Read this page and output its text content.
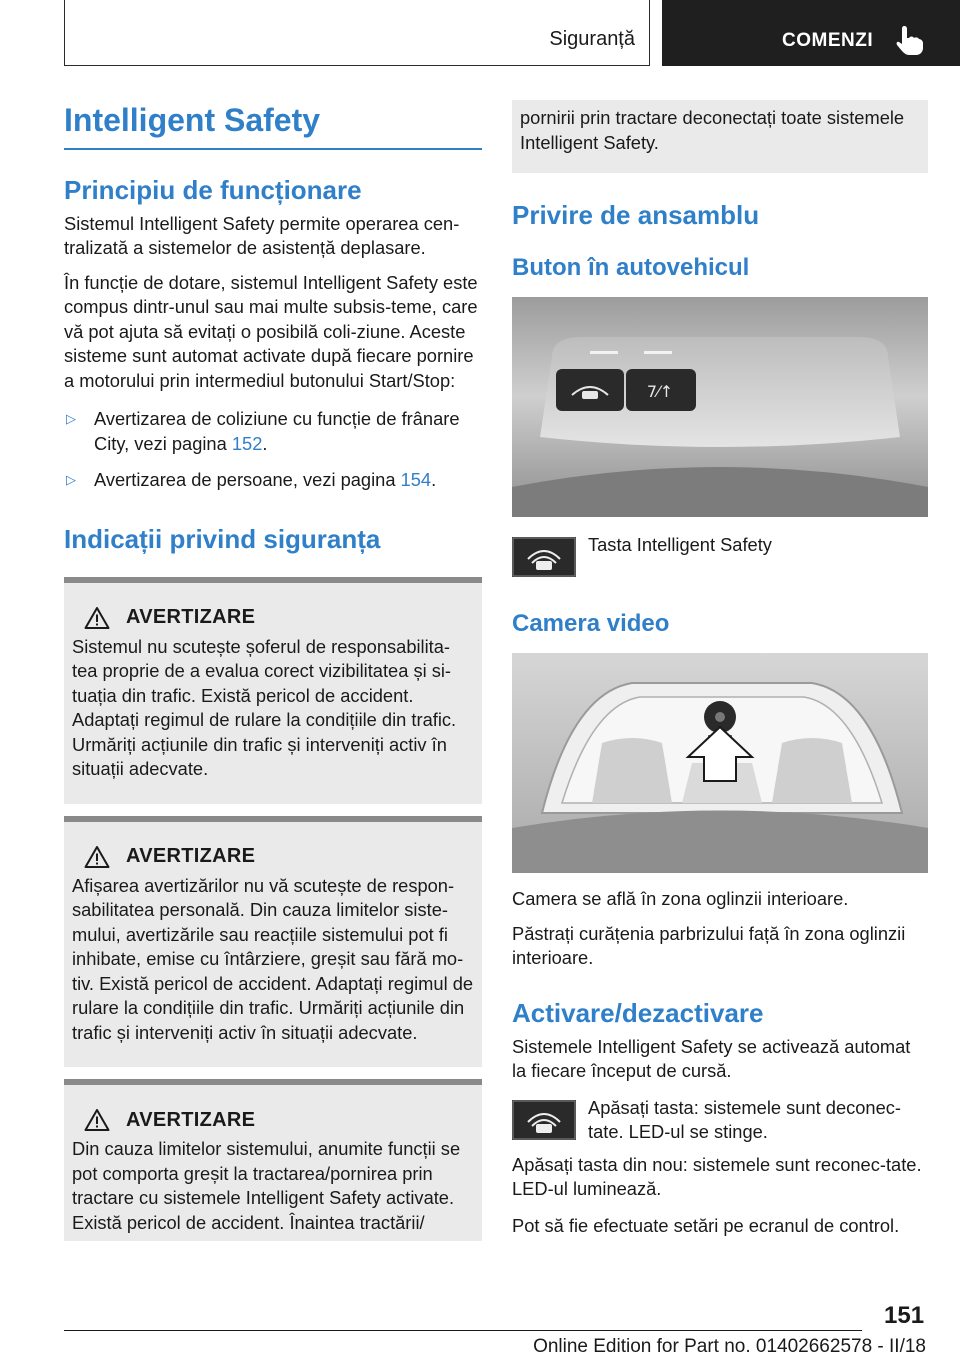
Siguranță	COMENZI
Intelligent Safety
Principiu de funcționare

Sistemul Intelligent Safety permite operarea cen-tralizată a sistemelor de asistență deplasare.

În funcție de dotare, sistemul Intelligent Safety este compus dintr-unul sau mai multe subsis-teme, care vă pot ajuta să evitați o posibilă coli-ziune. Aceste sisteme sunt automat activate după fiecare pornire a motorului prin intermediul butonului Start/Stop:

▷ Avertizarea de coliziune cu funcție de frânare City, vezi pagina 152.
▷ Avertizarea de persoane, vezi pagina 154.
Indicații privind siguranța
AVERTIZARE

Sistemul nu scutește șoferul de responsabilita-tea proprie de a evalua corect vizibilitatea și si-tuația din trafic. Există pericol de accident. Adaptați regimul de rulare la condițiile din trafic. Urmăriți acțiunile din trafic și interveniți activ în situații adecvate.

AVERTIZARE

Afișarea avertizărilor nu vă scutește de respon-sabilitatea personală. Din cauza limitelor siste-mului, avertizările sau reacțiile sistemului pot fi inhibate, emise cu întârziere, greșit sau fără mo-tiv. Există pericol de accident. Adaptați regimul de rulare la condițiile din trafic. Urmăriți acțiunile din trafic și interveniți activ în situații adecvate.

AVERTIZARE

Din cauza limitelor sistemului, anumite funcții se pot comporta greșit la tractarea/pornirea prin tractare cu sistemele Intelligent Safety activate. Există pericol de accident. Înaintea tractării/

pornirii prin tractare deconectați toate sistemele Intelligent Safety.

Privire de ansamblu
Buton în autovehicul
7⁄↑

Tasta Intelligent Safety

Camera video

Camera se află în zona oglinzii interioare.

Păstrați curățenia parbrizului față în zona oglinzii interioare.

Activare/dezactivare

Sistemele Intelligent Safety se activează automat la fiecare început de cursă.

Apăsați tasta: sistemele sunt deconec-tate. LED-ul se stinge.

Apăsați tasta din nou: sistemele sunt reconec-tate. LED-ul luminează.

Pot să fie efectuate setări pe ecranul de control.

151
Online Edition for Part no. 01402662578 - II/18
